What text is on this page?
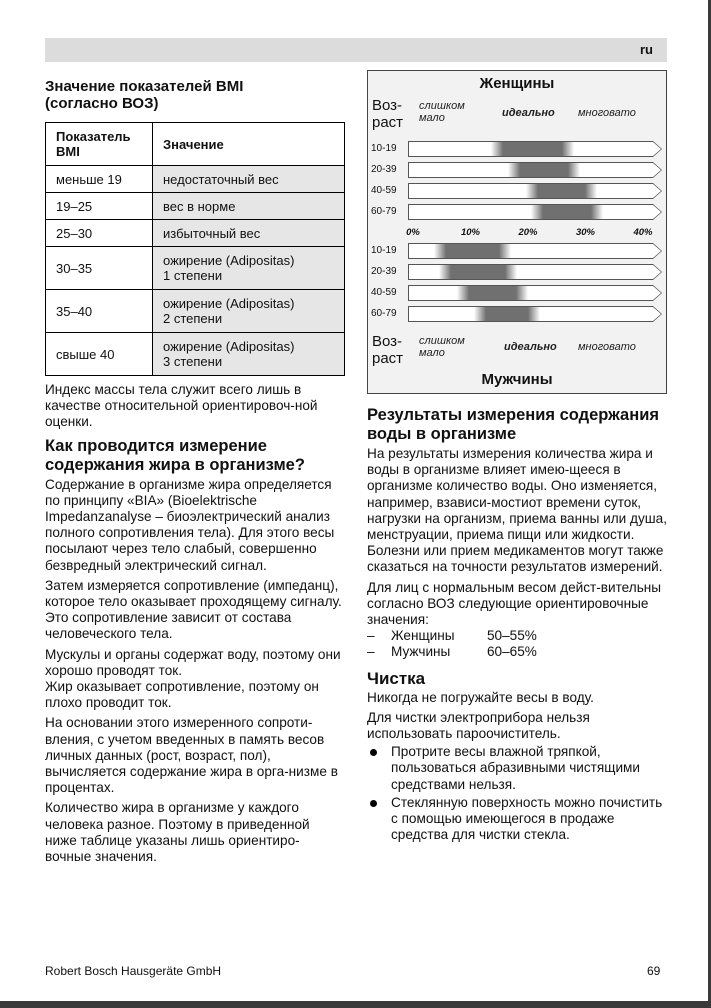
ru
Значение показателей BMI
(согласно ВОЗ)
Показатель BMI	Значение
меньше 19	недостаточный вес
19–25	вес в норме
25–30	избыточный вес
30–35	ожирение (Adipositas)
1 степени
35–40	ожирение (Adipositas)
2 степени
свыше 40	ожирение (Adipositas)
3 степени

Индекс массы тела служит всего лишь в качестве относительной ориентировоч-ной оценки.

Как проводится измерение содержания жира в организме?

Содержание в организме жира определяется по принципу «BIA» (Bioelektrische Impedanzanalyse – биоэлектрический анализ полного сопротивления тела). Для этого весы посылают через тело слабый, совершенно безвредный электрический сигнал.

Затем измеряется сопротивление (импеданц), которое тело оказывает проходящему сигналу. Это сопротивление зависит от состава человеческого тела.

Мускулы и органы содержат воду, поэтому они хорошо проводят ток.

Жир оказывает сопротивление, поэтому он плохо проводит ток.

На основании этого измеренного сопроти-вления, с учетом введенных в память весов личных данных (рост, возраст, пол), вычисляется содержание жира в орга-низме в процентах.

Количество жира в организме у каждого человека разное. Поэтому в приведенной ниже таблице указаны лишь ориентиро-вочные значения.

Женщины
Воз-
раст
слишком
мало	идеально многовато
10-19
20-39
40-59
60-79
0%	10%	20%	30%	40%
10-19
20-39
40-59
60-79
Воз-
раст
слишком
мало	идеально многовато
Мужчины
Результаты измерения содержания воды в организме

На результаты измерения количества жира и воды в организме влияет имею-щееся в организме количество воды. Оно изменяется, например, взависи-мостиот времени суток, нагрузки на организм, приема ванны или душа, менструации, приема пищи или жидкости. Болезни или прием медикаментов могут также сказаться на точности результатов измерений.

Для лиц с нормальным весом дейст-вительны согласно ВОЗ следующие ориентировочные значения:

– Женщины 50–55%
– Мужчины	60–65%
Чистка

Никогда не погружайте весы в воду.

Для чистки электроприбора нельзя использовать пароочиститель.

Протрите весы влажной тряпкой, пользоваться абразивными чистящими средствами нельзя.
Стеклянную поверхность можно почистить с помощью имеющегося в продаже средства для чистки стекла.
Robert Bosch Hausgeräte GmbH	69
